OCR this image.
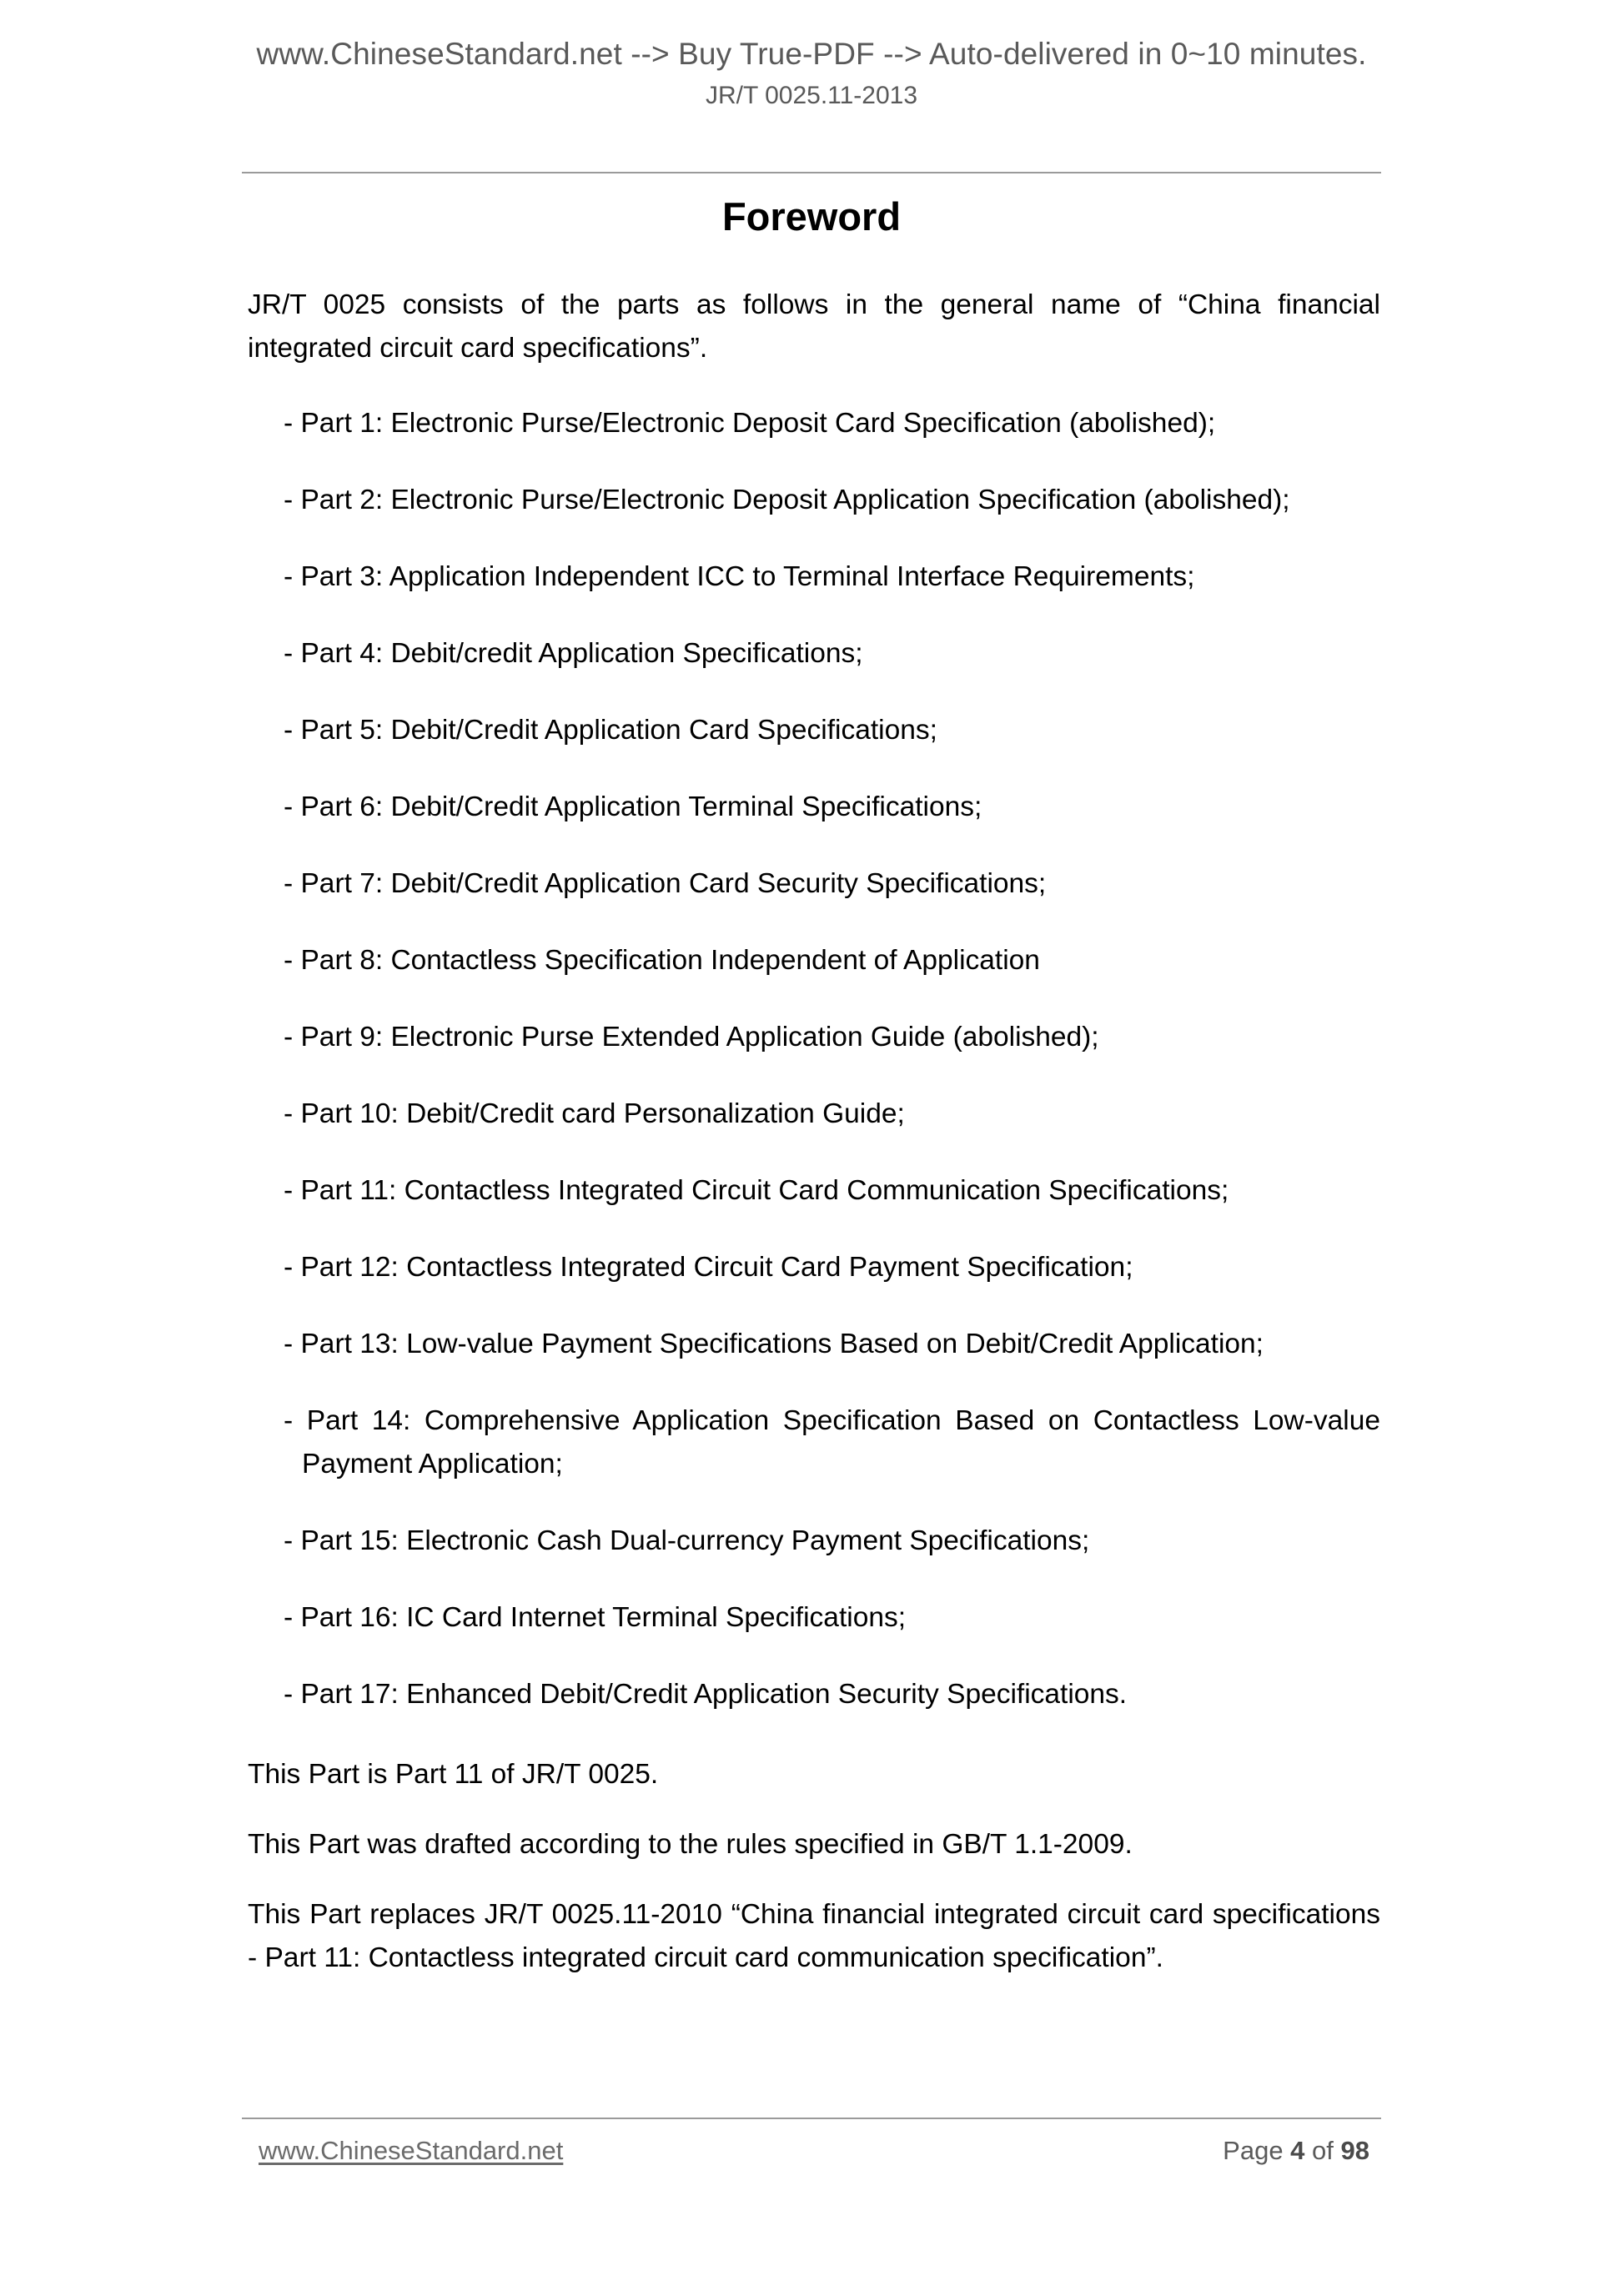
www.ChineseStandard.net --> Buy True-PDF --> Auto-delivered in 0~10 minutes.
JR/T 0025.11-2013
Foreword

JR/T 0025 consists of the parts as follows in the general name of “China financial integrated circuit card specifications”.

- Part 1: Electronic Purse/Electronic Deposit Card Specification (abolished);
- Part 2: Electronic Purse/Electronic Deposit Application Specification (abolished);
- Part 3: Application Independent ICC to Terminal Interface Requirements;
- Part 4: Debit/credit Application Specifications;
- Part 5: Debit/Credit Application Card Specifications;
- Part 6: Debit/Credit Application Terminal Specifications;
- Part 7: Debit/Credit Application Card Security Specifications;
- Part 8: Contactless Specification Independent of Application
- Part 9: Electronic Purse Extended Application Guide (abolished);
- Part 10: Debit/Credit card Personalization Guide;
- Part 11: Contactless Integrated Circuit Card Communication Specifications;
- Part 12: Contactless Integrated Circuit Card Payment Specification;
- Part 13: Low-value Payment Specifications Based on Debit/Credit Application;
- Part 14: Comprehensive Application Specification Based on Contactless Low-value Payment Application;
- Part 15: Electronic Cash Dual-currency Payment Specifications;
- Part 16: IC Card Internet Terminal Specifications;
- Part 17: Enhanced Debit/Credit Application Security Specifications.

This Part is Part 11 of JR/T 0025.

This Part was drafted according to the rules specified in GB/T 1.1-2009.

This Part replaces JR/T 0025.11-2010 “China financial integrated circuit card specifications - Part 11: Contactless integrated circuit card communication specification”.

www.ChineseStandard.net	Page 4 of 98
